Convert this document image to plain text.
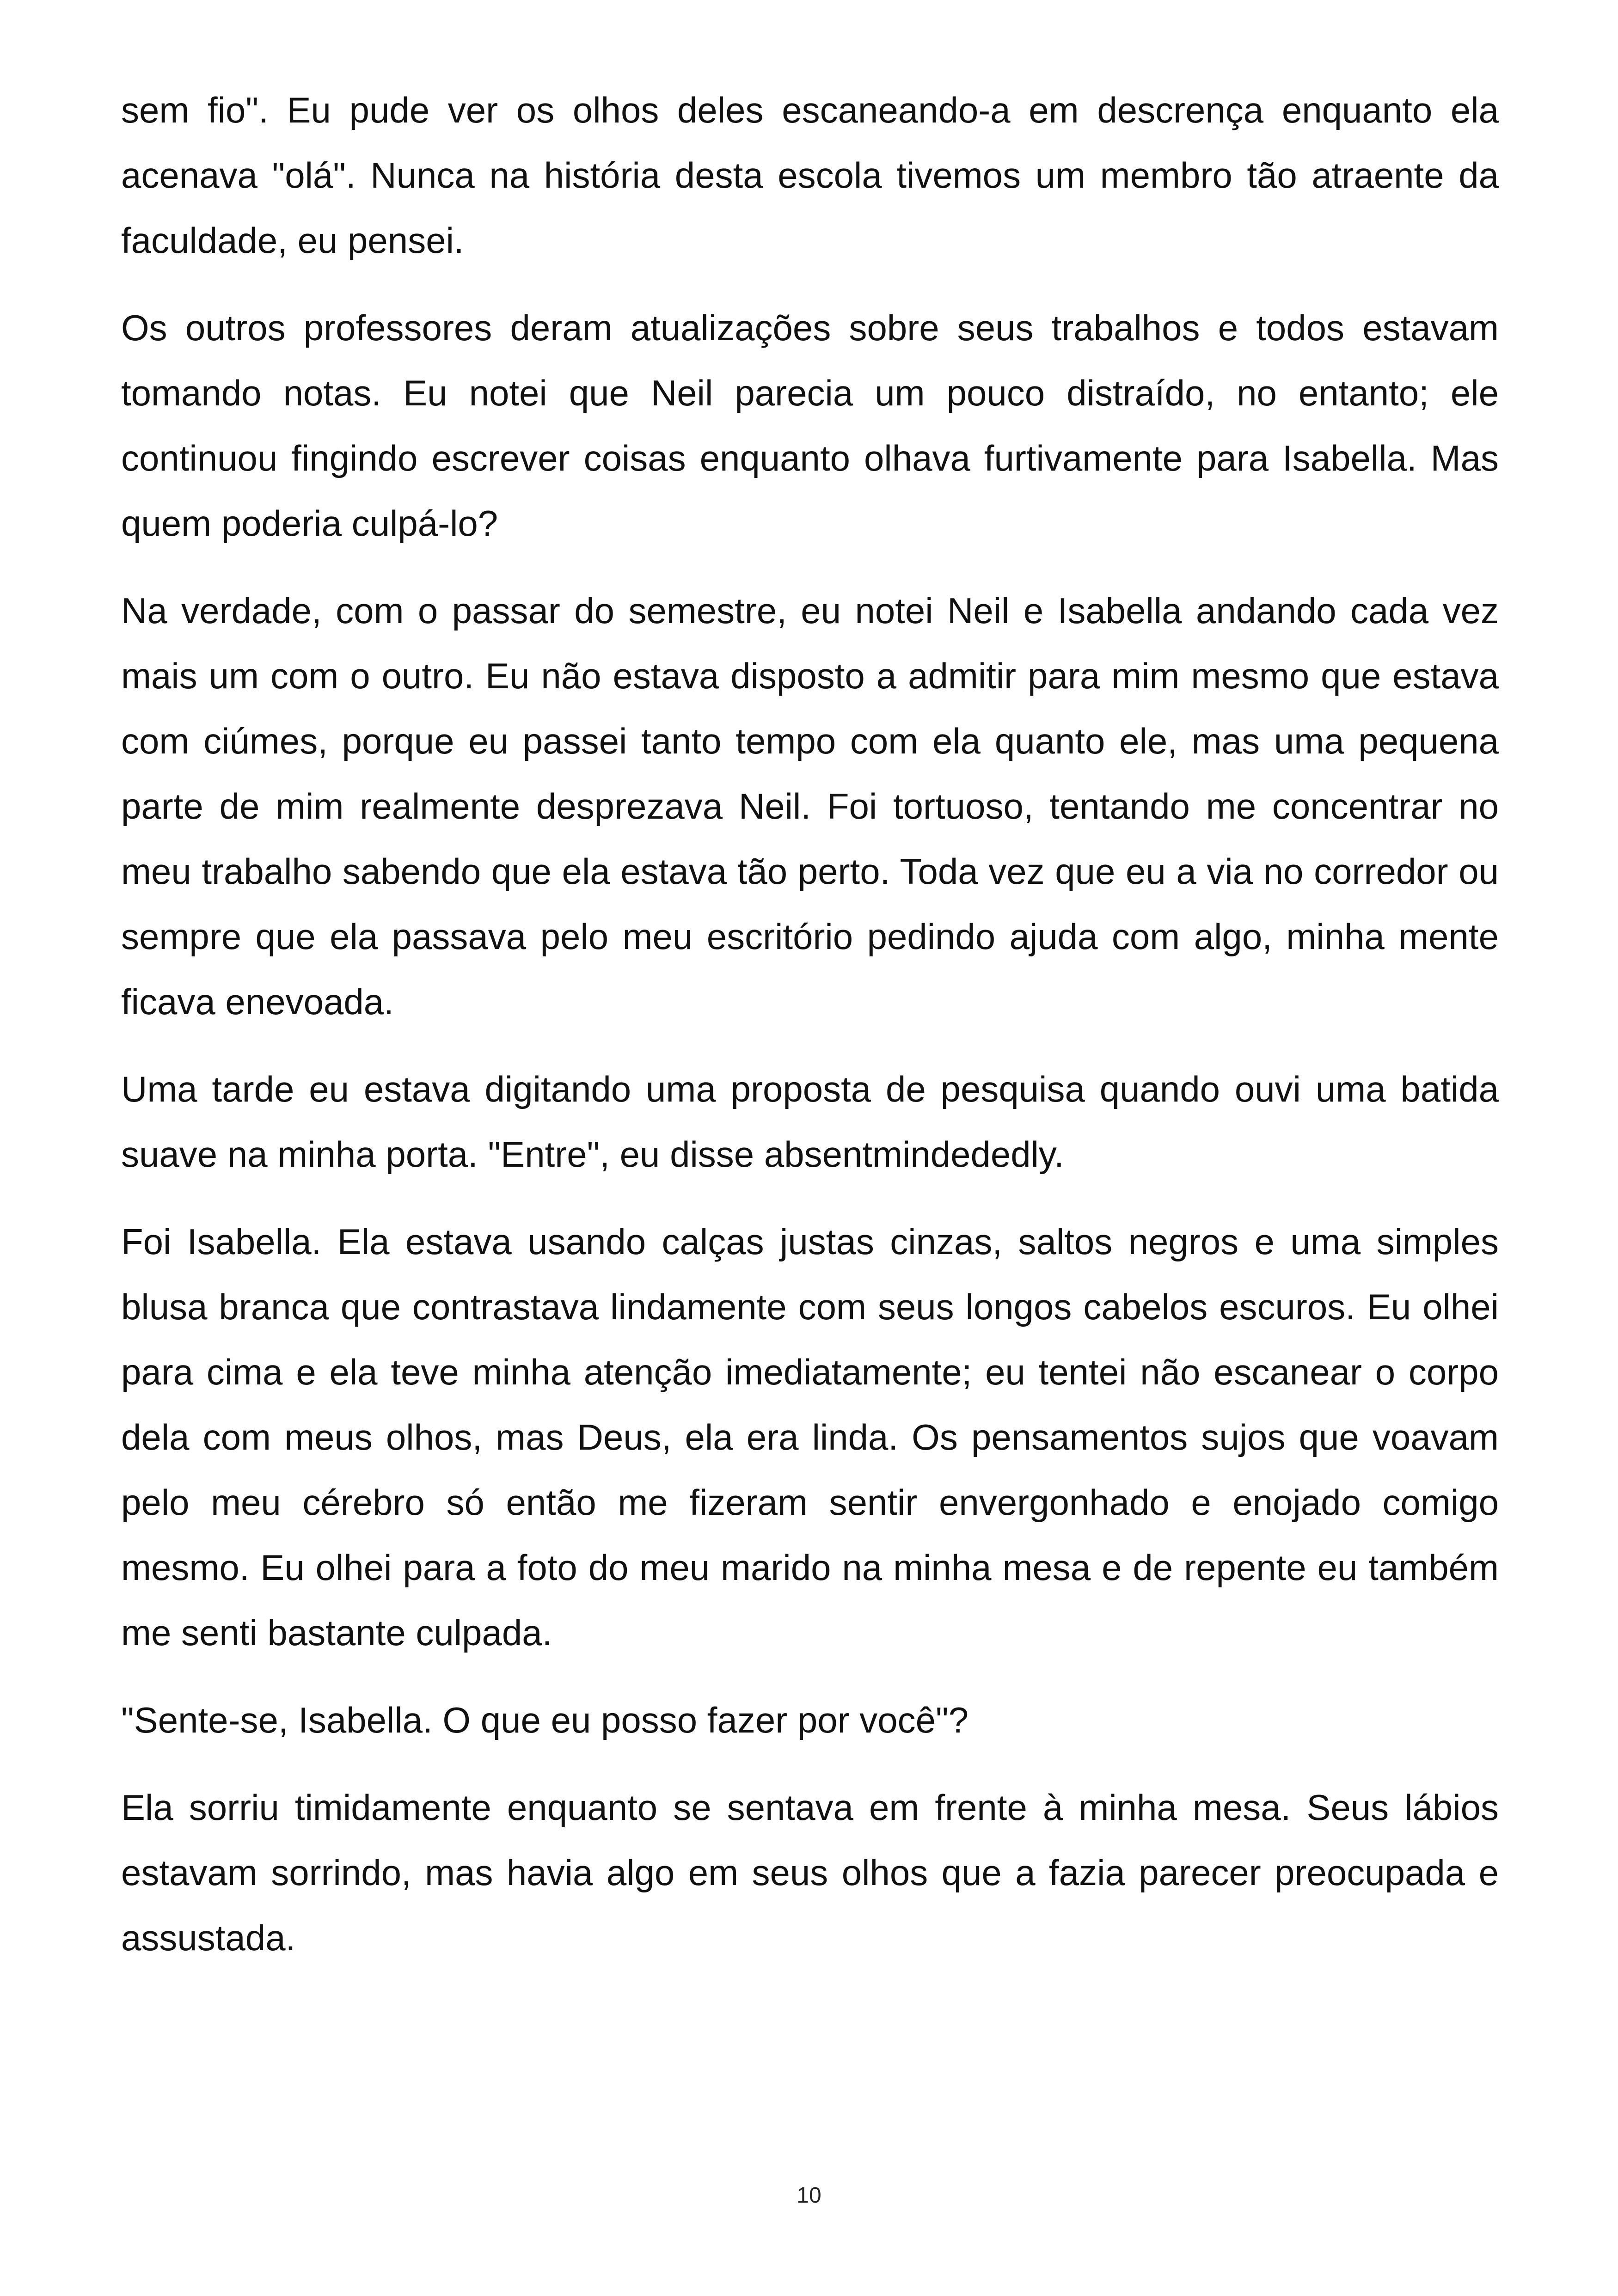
sem fio". Eu pude ver os olhos deles escaneando-a em descrença enquanto ela acenava "olá". Nunca na história desta escola tivemos um membro tão atraente da faculdade, eu pensei.

Os outros professores deram atualizações sobre seus trabalhos e todos estavam tomando notas. Eu notei que Neil parecia um pouco distraído, no entanto; ele continuou fingindo escrever coisas enquanto olhava furtivamente para Isabella. Mas quem poderia culpá-lo?

Na verdade, com o passar do semestre, eu notei Neil e Isabella andando cada vez mais um com o outro. Eu não estava disposto a admitir para mim mesmo que estava com ciúmes, porque eu passei tanto tempo com ela quanto ele, mas uma pequena parte de mim realmente desprezava Neil. Foi tortuoso, tentando me concentrar no meu trabalho sabendo que ela estava tão perto. Toda vez que eu a via no corredor ou sempre que ela passava pelo meu escritório pedindo ajuda com algo, minha mente ficava enevoada.

Uma tarde eu estava digitando uma proposta de pesquisa quando ouvi uma batida suave na minha porta. "Entre", eu disse absentmindededly.

Foi Isabella. Ela estava usando calças justas cinzas, saltos negros e uma simples blusa branca que contrastava lindamente com seus longos cabelos escuros. Eu olhei para cima e ela teve minha atenção imediatamente; eu tentei não escanear o corpo dela com meus olhos, mas Deus, ela era linda. Os pensamentos sujos que voavam pelo meu cérebro só então me fizeram sentir envergonhado e enojado comigo mesmo. Eu olhei para a foto do meu marido na minha mesa e de repente eu também me senti bastante culpada.

"Sente-se, Isabella. O que eu posso fazer por você"?

Ela sorriu timidamente enquanto se sentava em frente à minha mesa. Seus lábios estavam sorrindo, mas havia algo em seus olhos que a fazia parecer preocupada e assustada.

10
